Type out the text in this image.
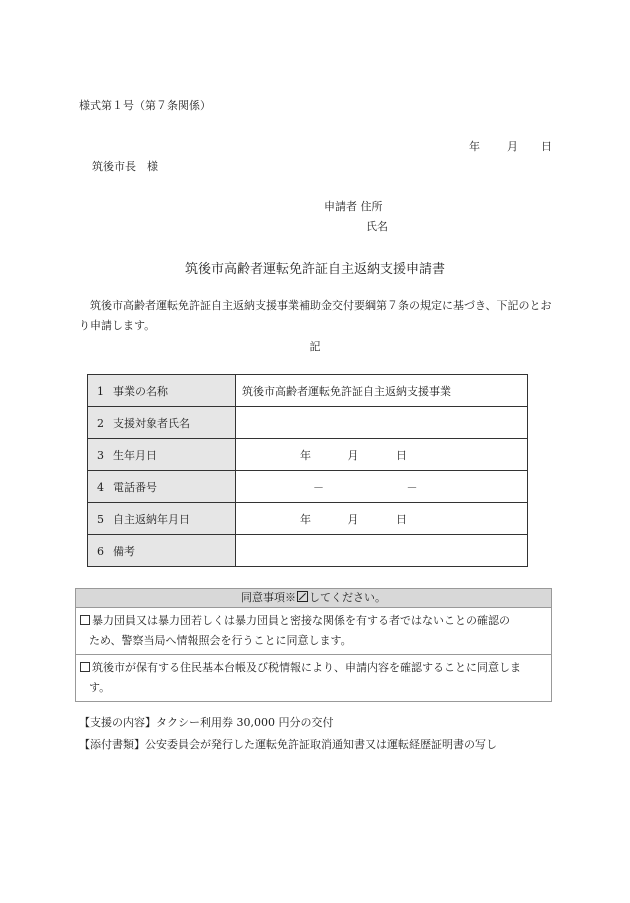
様式第１号（第７条関係）
年 月 日
筑後市長　様
申請者 住所
氏名
筑後市高齢者運転免許証自主返納支援申請書
筑後市高齢者運転免許証自主返納支援事業補助金交付要綱第７条の規定に基づき、下記のとおり申請します。
記
1 事業の名称	筑後市高齢者運転免許証自主返納支援事業
2 支援対象者氏名	
3 生年月日	年 月 日
4 電話番号	－ －
5 自主返納年月日	年 月 日
6 備考	
同意事項※ してください。
暴力団員又は暴力団若しくは暴力団員と密接な関係を有する者ではないことの確認の
ため、警察当局へ情報照会を行うことに同意します。
筑後市が保有する住民基本台帳及び税情報により、申請内容を確認することに同意しま
す。
【支援の内容】タクシー利用券 30,000 円分の交付
【添付書類】公安委員会が発行した運転免許証取消通知書又は運転経歴証明書の写し
